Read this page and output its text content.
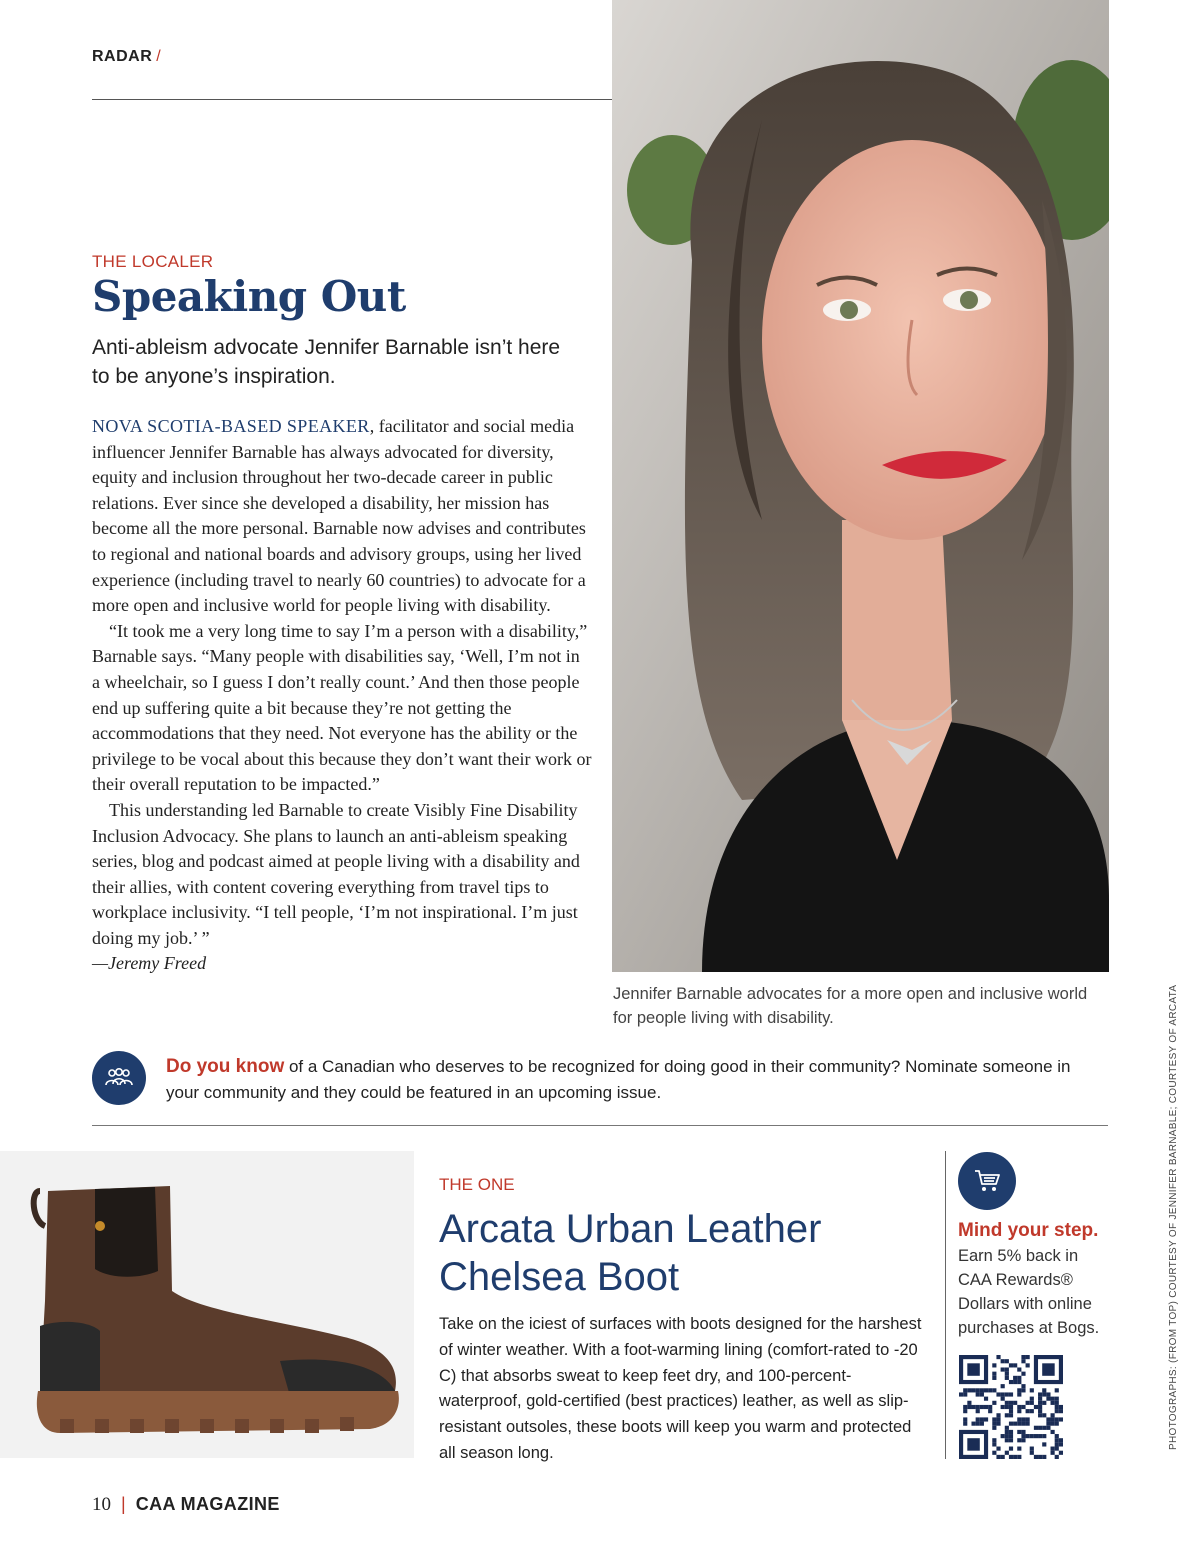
RADAR /
Jennifer Barnable advocates for a more open and inclusive world for people living with disability.
THE LOCALER
Speaking Out

Anti-ableism advocate Jennifer Barnable isn’t here to be anyone’s inspiration.

NOVA SCOTIA-BASED SPEAKER, facilitator and social media influencer Jennifer Barnable has always advocated for diversity, equity and inclusion throughout her two-decade career in public relations. Ever since she developed a disability, her mission has become all the more personal. Barnable now advises and contributes to regional and national boards and advisory groups, using her lived experience (including travel to nearly 60 countries) to advocate for a more open and inclusive world for people living with disability.

“It took me a very long time to say I’m a person with a disability,” Barnable says. “Many people with disabilities say, ‘Well, I’m not in a wheelchair, so I guess I don’t really count.’ And then those people end up suffering quite a bit because they’re not getting the accommodations that they need. Not everyone has the ability or the privilege to be vocal about this because they don’t want their work or their overall reputation to be impacted.”

This understanding led Barnable to create Visibly Fine Disability Inclusion Advocacy. She plans to launch an anti-ableism speaking series, blog and podcast aimed at people living with a disability and their allies, with content covering everything from travel tips to workplace inclusivity. “I tell people, ‘I’m not inspirational. I’m just doing my job.’ ”

—Jeremy Freed
Do you know of a Canadian who deserves to be recognized for doing good in their community? Nominate someone in your community and they could be featured in an upcoming issue.
THE ONE
Arcata Urban Leather Chelsea Boot

Take on the iciest of surfaces with boots designed for the harshest of winter weather. With a foot-warming lining (comfort-rated to -20 C) that absorbs sweat to keep feet dry, and 100-percent-waterproof, gold-certified (best practices) leather, as well as slip-resistant outsoles, these boots will keep you warm and protected all season long.

Mind your step.

Earn 5% back in CAA Rewards® Dollars with online purchases at Bogs.

10 | CAA MAGAZINE
PHOTOGRAPHS: (FROM TOP) COURTESY OF JENNIFER BARNABLE; COURTESY OF ARCATA
